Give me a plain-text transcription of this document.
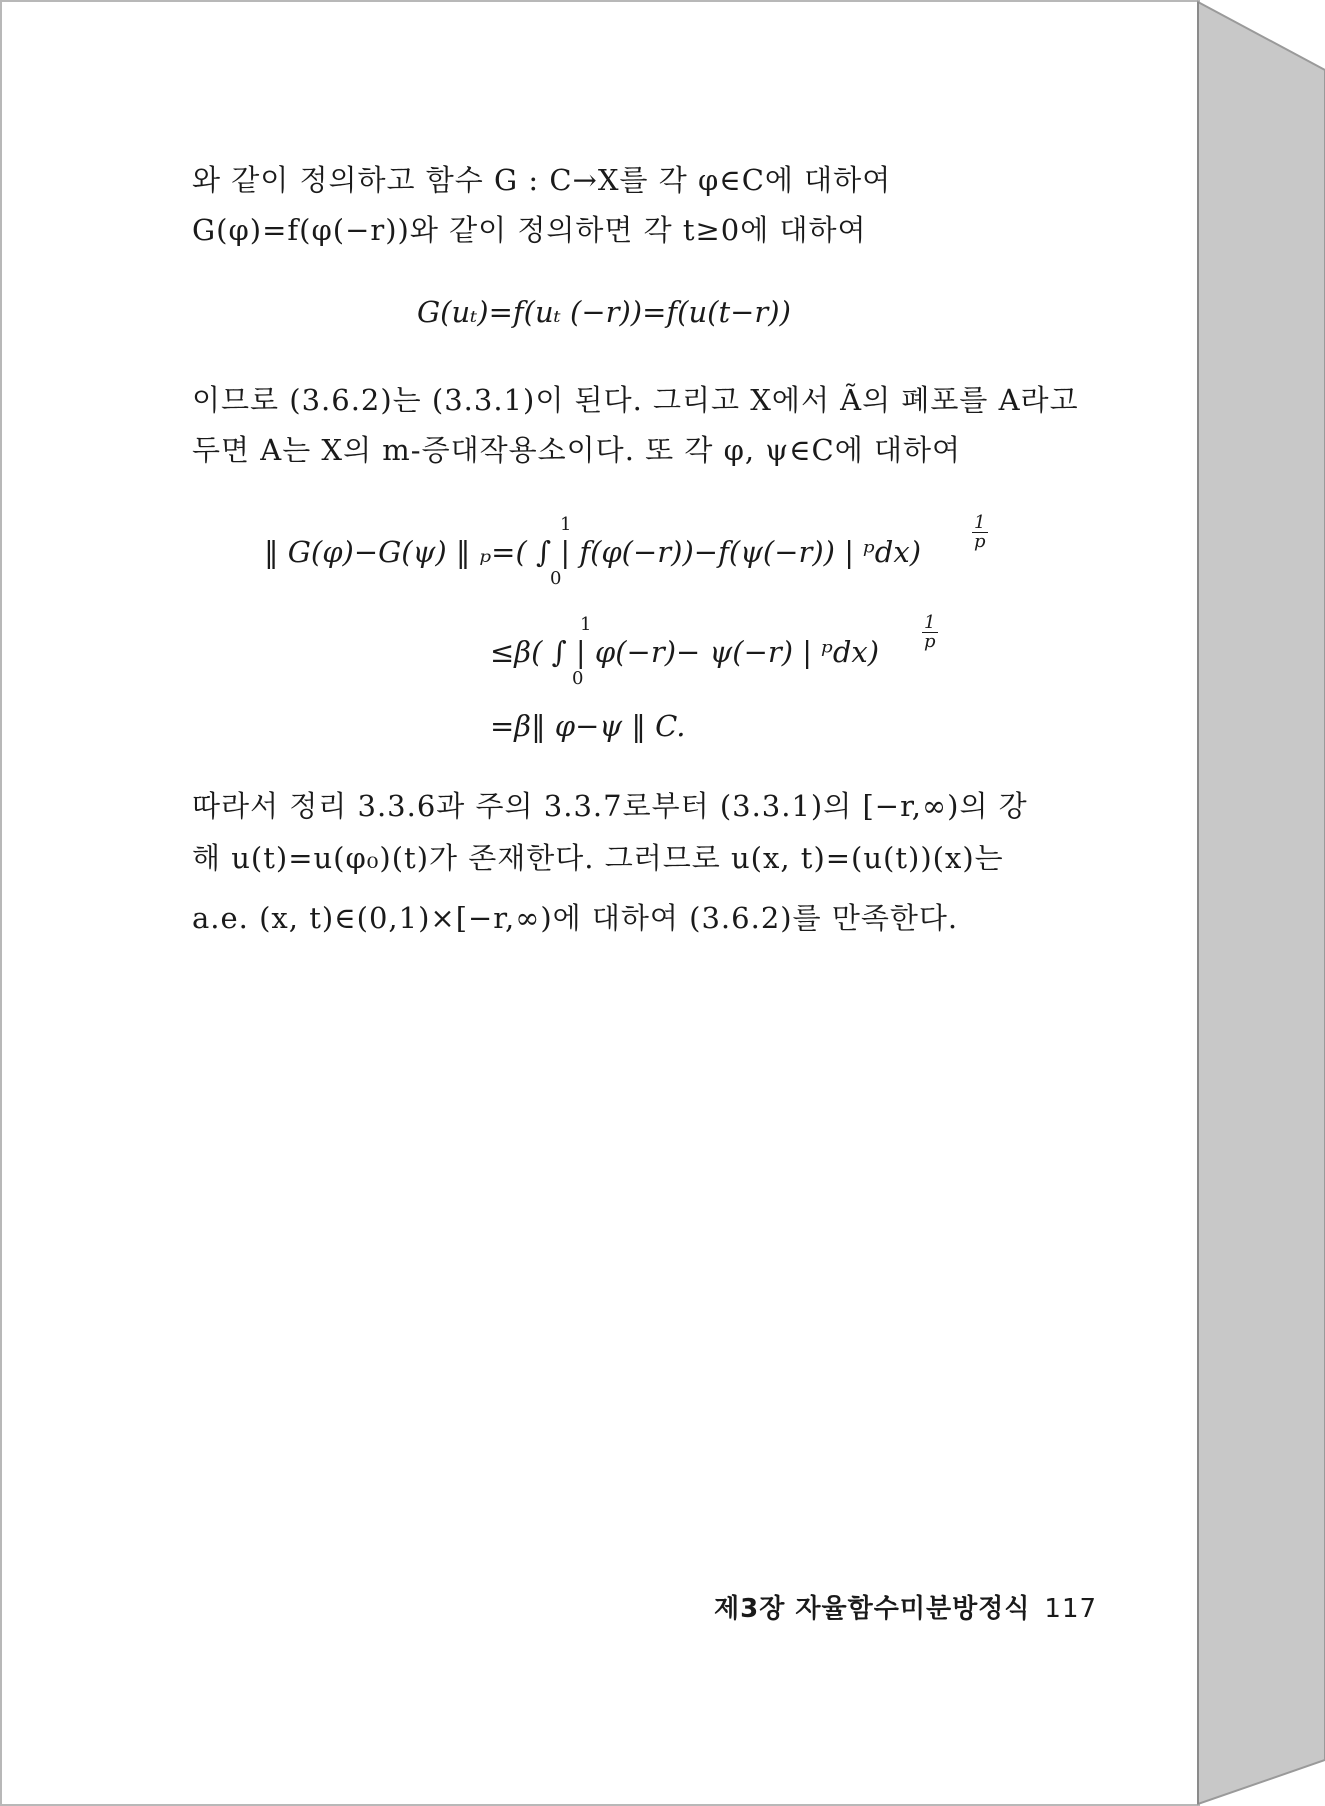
와 같이 정의하고 함수 G : C→X를 각 φ∈C에 대하여
G(φ)=f(φ(−r))와 같이 정의하면 각 t≥0에 대하여
G(uₜ)=f(uₜ (−r))=f(u(t−r))
이므로 (3.6.2)는 (3.3.1)이 된다. 그리고 X에서 Ã의 폐포를 A라고
두면 A는 X의 m-증대작용소이다. 또 각 φ, ψ∈C에 대하여
‖ G(φ)−G(ψ) ‖ ₚ=( ∫ | f(φ(−r))−f(ψ(−r)) | ᵖdx)
1
0
$\frac{1}{p}$
≤β( ∫ | φ(−r)− ψ(−r) | ᵖdx)
1
0
$\frac{1}{p}$
=β‖ φ−ψ ‖ C.
따라서 정리 3.3.6과 주의 3.3.7로부터 (3.3.1)의 [−r,∞)의 강
해 u(t)=u(φ₀)(t)가 존재한다. 그러므로 u(x, t)=(u(t))(x)는
a.e. (x, t)∈(0,1)×[−r,∞)에 대하여 (3.6.2)를 만족한다.
제3장 자율함수미분방정식 117
